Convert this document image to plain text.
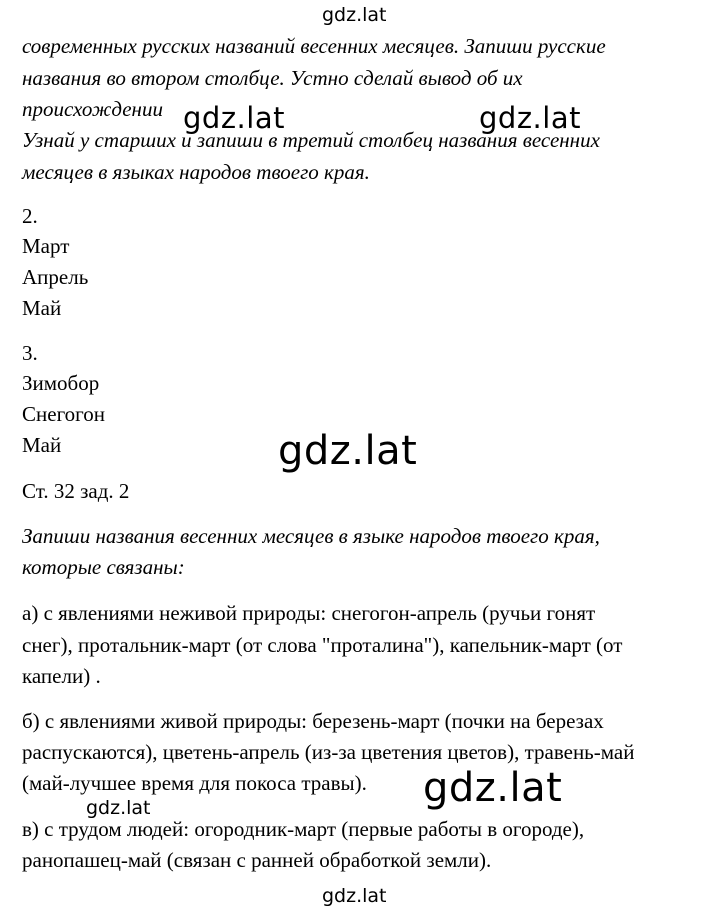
современных русских названий весенних месяцев. Запиши русские
названия во втором столбце. Устно сделай вывод об их
происхождении
Узнай у старших и запиши в третий столбец названия весенних
месяцев в языках народов твоего края.
2.
Март
Апрель
Май
3.
Зимобор
Снегогон
Май
Ст. 32 зад. 2
Запиши названия весенних месяцев в языке народов твоего края,
которые связаны:
а) с явлениями неживой природы: снегогон-апрель (ручьи гонят
снег), протальник-март (от слова "проталина"), капельник-март (от
капели) .
б) с явлениями живой природы: березень-март (почки на березах
распускаются), цветень-апрель (из-за цветения цветов), травень-май
(май-лучшее время для покоса травы).
в) с трудом людей: огородник-март (первые работы в огороде),
ранопашец-май (связан с ранней обработкой земли).
gdz.lat
gdz.lat	gdz.lat
gdz.lat
gdz.lat
gdz.lat
gdz.lat
